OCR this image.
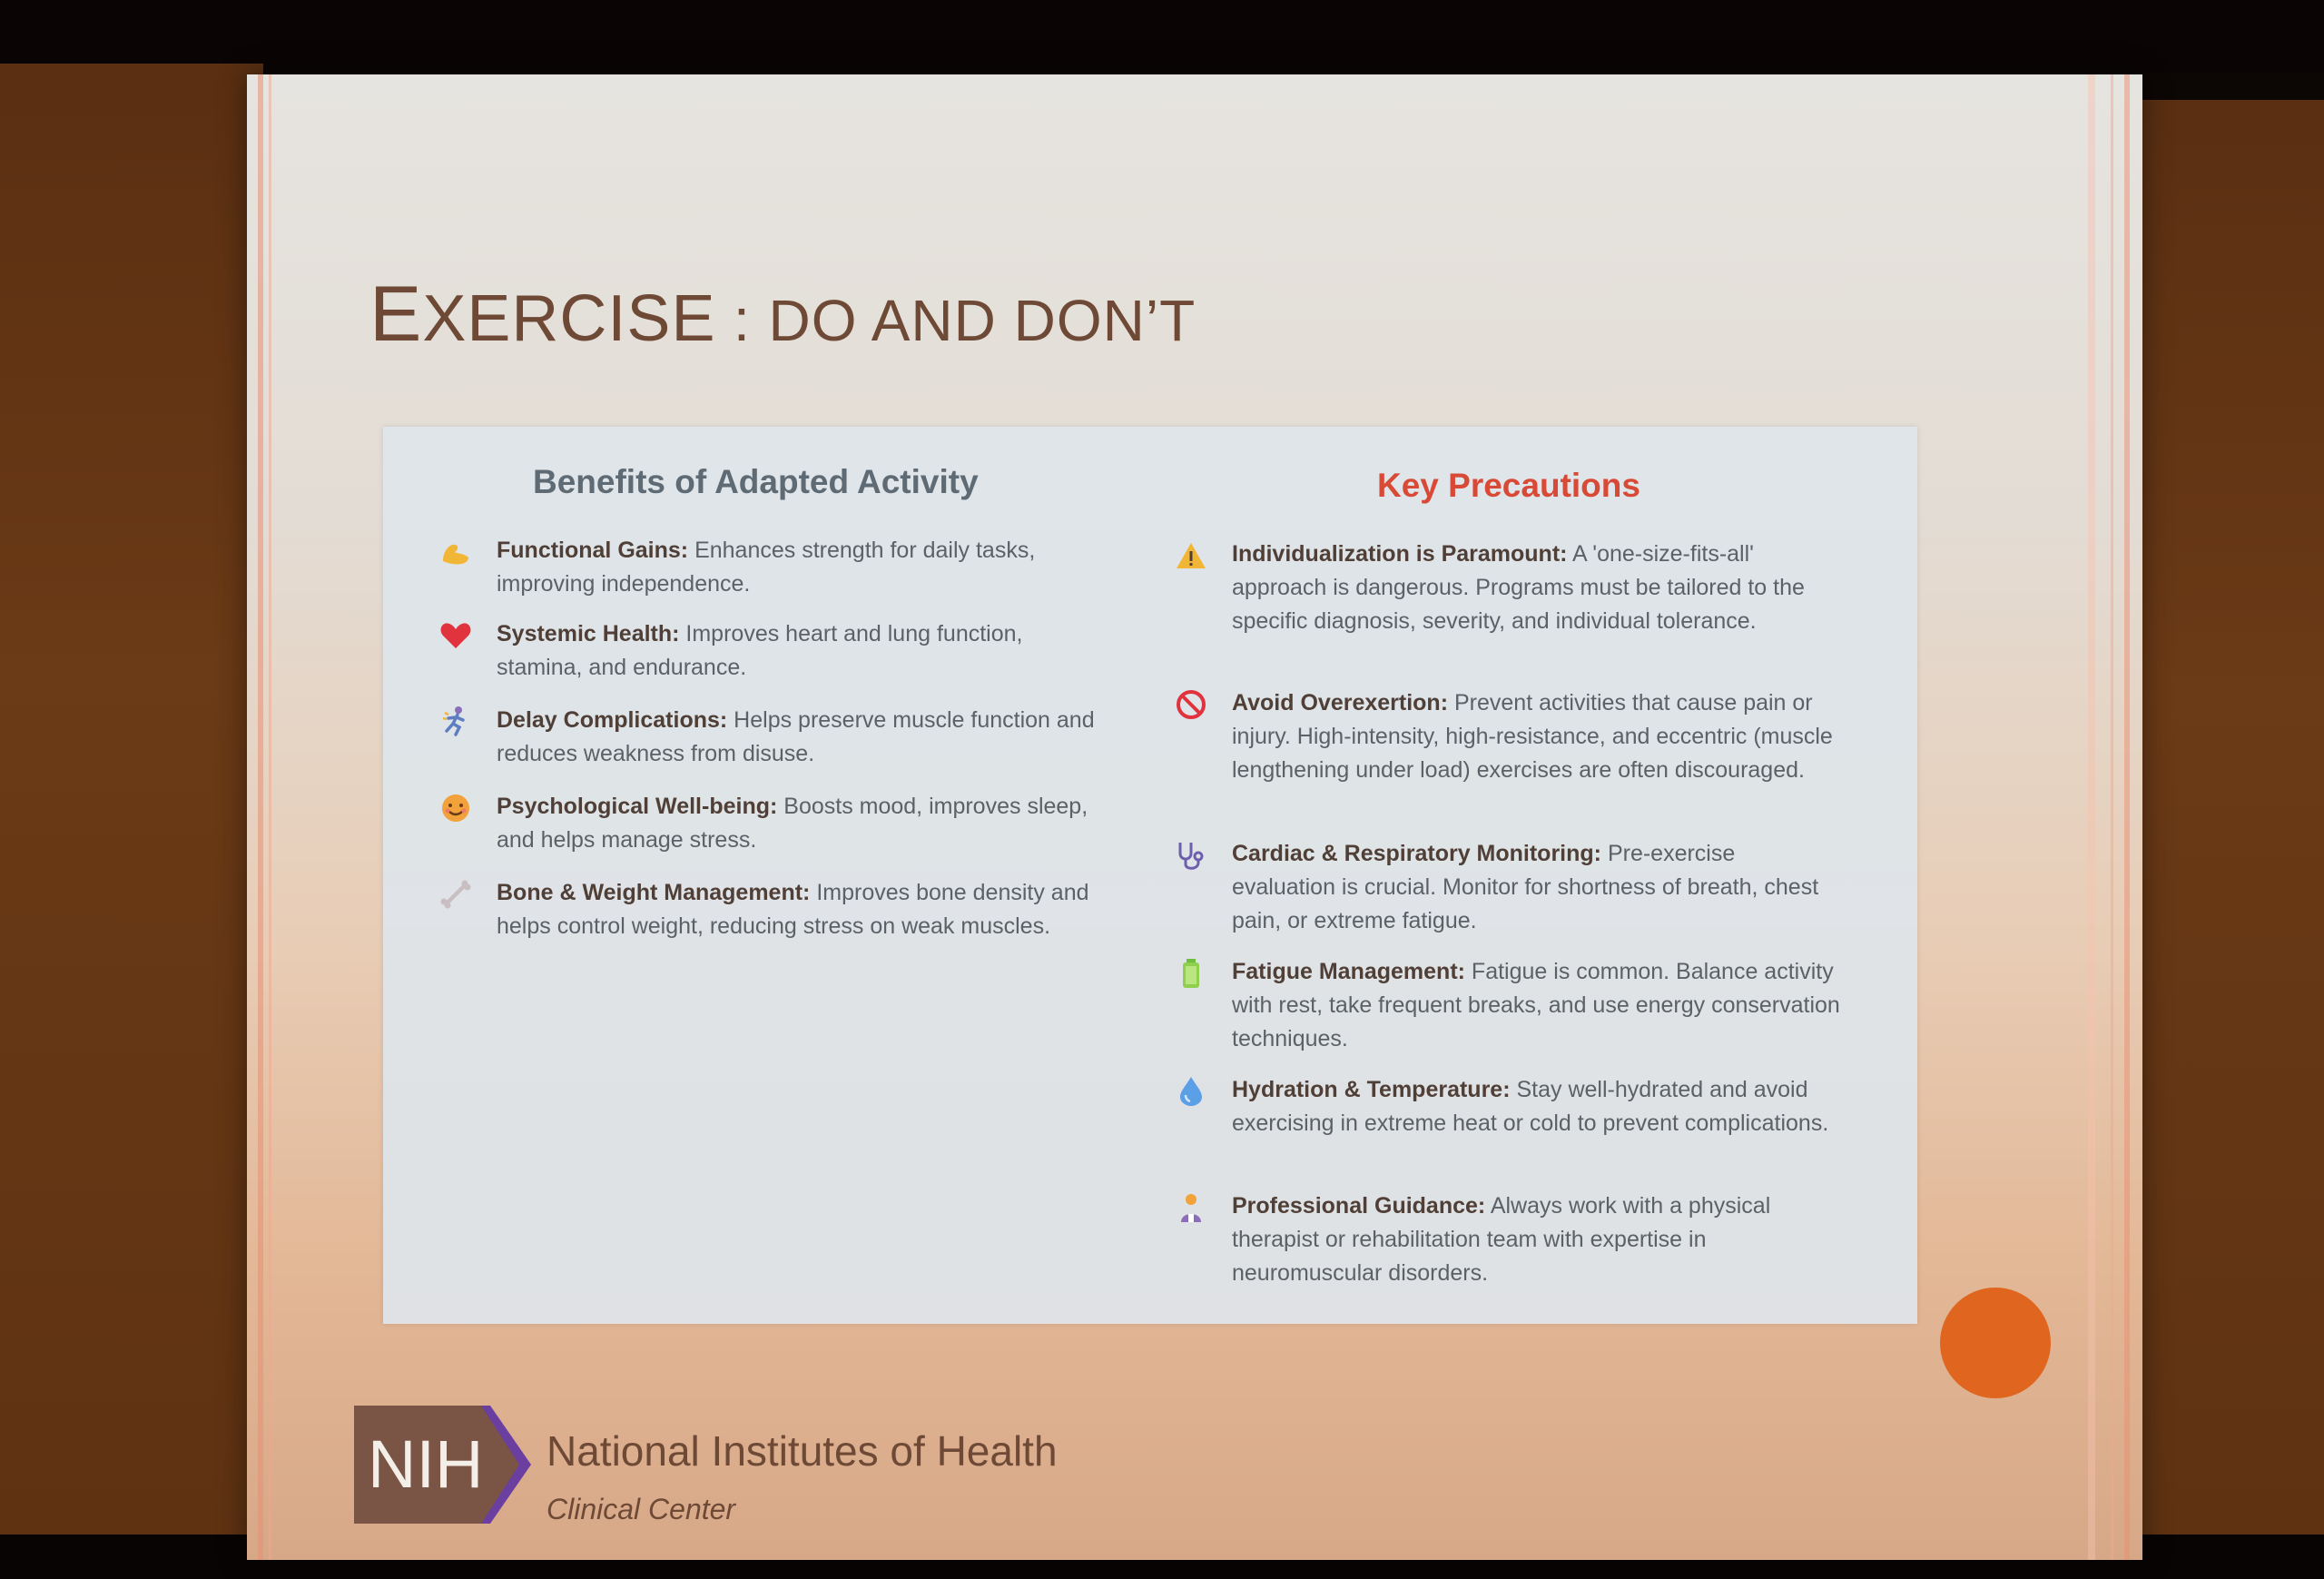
EXERCISE : DO AND DON’T
Benefits of Adapted Activity	Key Precautions

Functional Gains: Enhances strength for daily tasks, improving independence.

Systemic Health: Improves heart and lung function, stamina, and endurance.

Delay Complications: Helps preserve muscle function and reduces weakness from disuse.

Psychological Well-being: Boosts mood, improves sleep, and helps manage stress.

Bone & Weight Management: Improves bone density and helps control weight, reducing stress on weak muscles.

Individualization is Paramount: A 'one-size-fits-all' approach is dangerous. Programs must be tailored to the specific diagnosis, severity, and individual tolerance.

Avoid Overexertion: Prevent activities that cause pain or injury. High-intensity, high-resistance, and eccentric (muscle lengthening under load) exercises are often discouraged.

Cardiac & Respiratory Monitoring: Pre-exercise evaluation is crucial. Monitor for shortness of breath, chest pain, or extreme fatigue.

Fatigue Management: Fatigue is common. Balance activity with rest, take frequent breaks, and use energy conservation techniques.

Hydration & Temperature: Stay well-hydrated and avoid exercising in extreme heat or cold to prevent complications.

Professional Guidance: Always work with a physical therapist or rehabilitation team with expertise in neuromuscular disorders.

NIH National Institutes of Health
Clinical Center
